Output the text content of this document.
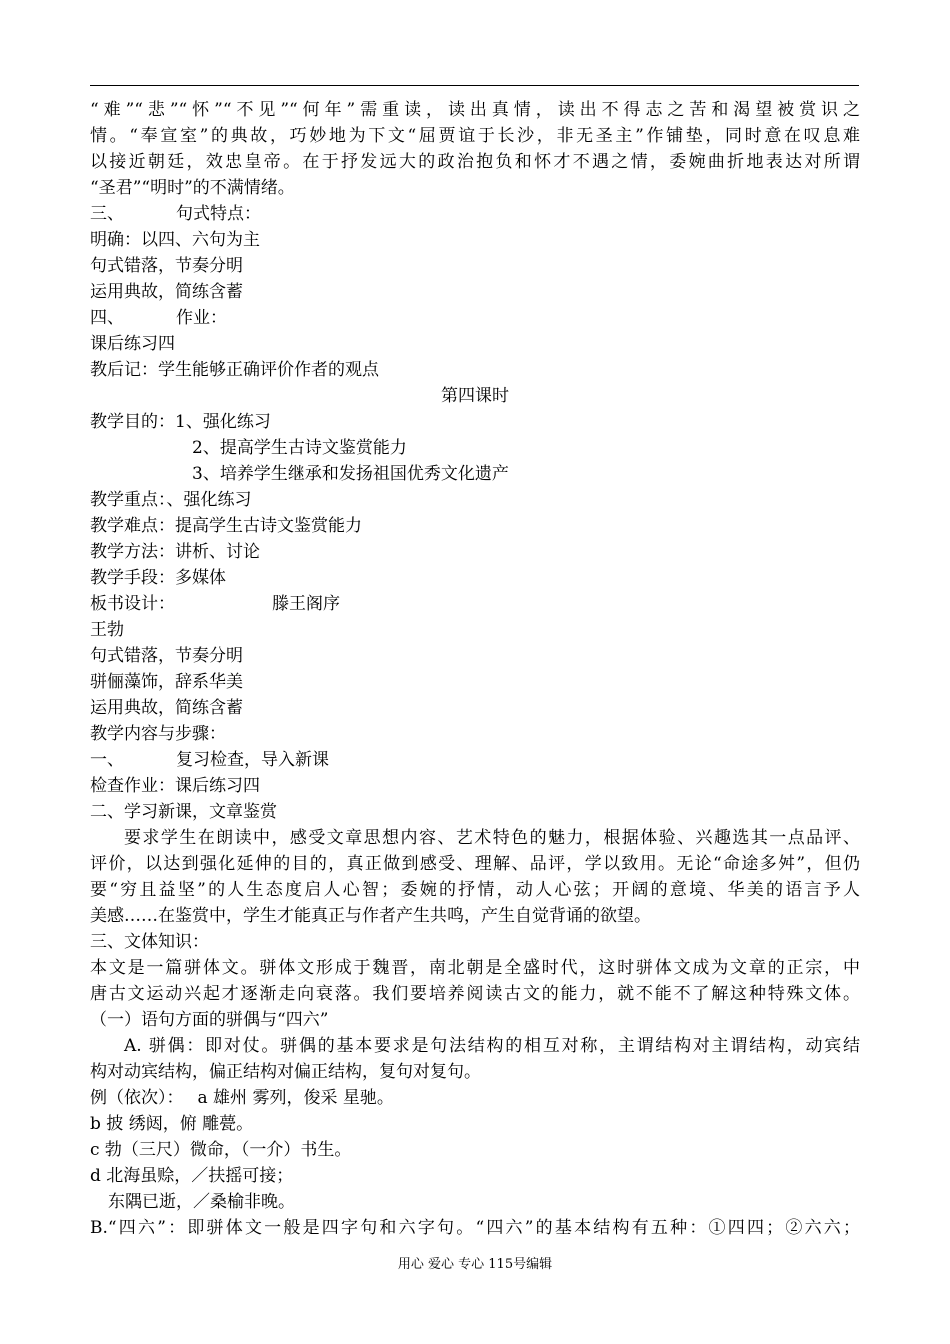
“难”“悲”“怀”“不见”“何年”需重读，读出真情，读出不得志之苦和渴望被赏识之
情。“奉宣室”的典故，巧妙地为下文“屈贾谊于长沙，非无圣主”作铺垫，同时意在叹息难
以接近朝廷，效忠皇帝。在于抒发远大的政治抱负和怀才不遇之情，委婉曲折地表达对所谓
“圣君”“明时”的不满情绪。
三、	句式特点：
明确：以四、六句为主
句式错落，节奏分明
运用典故，简练含蓄
四、	作业：
课后练习四
教后记：学生能够正确评价作者的观点
第四课时
教学目的：1、强化练习
2、提高学生古诗文鉴赏能力
3、培养学生继承和发扬祖国优秀文化遗产
教学重点：、强化练习
教学难点：提高学生古诗文鉴赏能力
教学方法：讲析、讨论
教学手段：多媒体
板书设计：	滕王阁序
王勃
句式错落，节奏分明
骈俪藻饰，辞系华美
运用典故，简练含蓄
教学内容与步骤：
一、	复习检查，导入新课
检查作业：课后练习四
二、学习新课，文章鉴赏
要求学生在朗读中，感受文章思想内容、艺术特色的魅力，根据体验、兴趣选其一点品评、
评价，以达到强化延伸的目的，真正做到感受、理解、品评，学以致用。无论“命途多舛”，但仍
要“穷且益坚”的人生态度启人心智；委婉的抒情，动人心弦；开阔的意境、华美的语言予人
美感……在鉴赏中，学生才能真正与作者产生共鸣，产生自觉背诵的欲望。
三、文体知识：
本文是一篇骈体文。骈体文形成于魏晋，南北朝是全盛时代，这时骈体文成为文章的正宗，中
唐古文运动兴起才逐渐走向衰落。我们要培养阅读古文的能力，就不能不了解这种特殊文体。
（一）语句方面的骈偶与“四六”
A. 骈偶：即对仗。骈偶的基本要求是句法结构的相互对称，主谓结构对主谓结构，动宾结
构对动宾结构，偏正结构对偏正结构，复句对复句。
例（依次）： a 雄州 雾列，俊采 星驰。
b 披 绣闼，俯 雕甍。
c 勃（三尺）微命，（一介）书生。
d 北海虽赊，／扶摇可接；
东隅已逝，／桑榆非晚。
B.“四六”：即骈体文一般是四字句和六字句。“四六”的基本结构有五种：①四四；②六六；
用心 爱心 专心 115号编辑
